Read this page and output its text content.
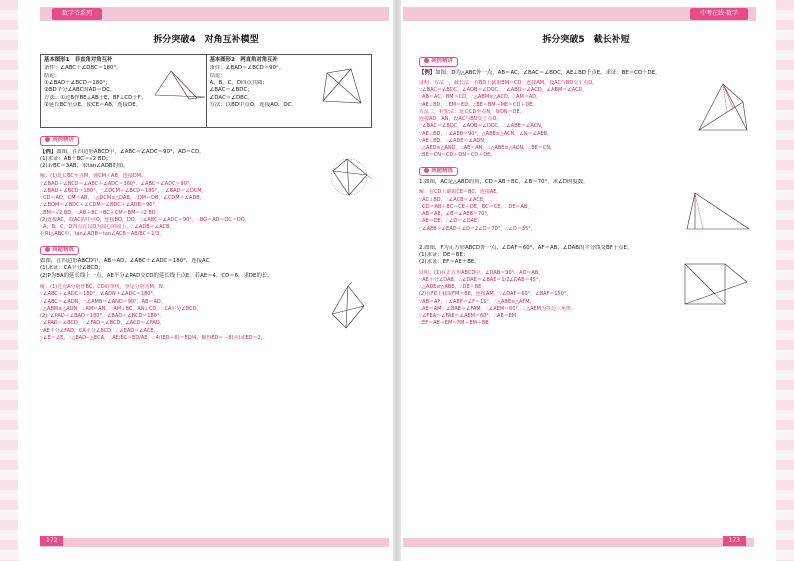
数学爷系列
拆分突破4　对角互补模型
基本图形1　非直角对角互补
条件：∠ABC＋∠DBC＝180°。
结论：
①∠BAD＋∠BCD＝180°；
②BD平分∠ABC时AD＝DC。
方法：①过B作BE⊥AB于E，BF⊥CD于F；
②延长BC至点E，使CE＝AB，连接DE。
基本图形2　两直角对角互补
条件：∠BAD＝∠BCD＝90°。
结论：
A，B，C，D四点共圆；
∠BAC＝∠BDC；
∠DAC＝∠DBC。
方法：以BD中点O，连接AO，OC。
典例精讲
【例】如图，在四边形ABCD中，∠ABC＝∠ADC＝90°，AD＝CD。
(1)求证：AB＋BC＝√2 BD；
(2)若BC＝3AB，求tan∠ADB的值。
解：(1)延长BC至点M，使CM＝AB，连接DM。
∵∠BAD＋∠BCD＝∠ABC＋∠ADC＝360°，∠ABC＝∠ADC＝90°，
∴∠BAD＋∠BCD＝180°，∵∠DCM＋∠BCD＝180°，∴∠BAD＝∠DCM，
∵CD＝AD，CM＝AB，∴△DCM≌△DAB，∴DM＝DB，∠CDM＝∠ADB，
∴∠BDM＝∠BDC＋∠CDM＝∠BDC＋∠ADB＝90°，
∴BM＝√2 BD，∴AB＋BC＝BC＋CM＝BM＝√2 BD。
(2)连接AC，取AC的中点O，连接BO，DO，∵∠ABC＝∠ADC＝90°，∴BO＝AO＝OC＝DO，
∴A，B，C，D四点在以O为圆心的圆上，∴∠ADB＝∠ACB，
在Rt△ABC中，tan∠ADB＝tan∠ACB＝AB/BC＝1/3。
典题精练
如图，在四边形ABCD中，AB＝AD，∠ABC＋∠ADC＝180°，连接AC。
(1)求证：CA平分∠BCD；
(2)P为BA的延长线上一点，AE平分∠PAD交CD的延长线于点E，若AE＝4，CD＝6，求DE的长。
解：(1)过点A分别作BC，CD的垂线，垂足分别为M，N。
∵∠ABC＋∠ADC＝180°，∠ADN＋∠ADC＝180°，
∴∠ABC＝∠ADN，∵∠AMB＝∠AND＝90°，AB＝AD，
∴△ABM≌△ADN，∴AM＝AN，∵AM⊥BC，AN⊥CD，∴CA平分∠BCD。
(2)∵∠PAD＋∠BAD＝180°，∠BAD＋∠BCD＝180°，
∴∠PAD＝∠BCD，∴∠FAD＝∠BCD，∠ACD＝∠FAD，
∵AE平分∠FAD，CA平分∠BCD，∴∠EAD＝∠ACE，
∵∠E＝∠E，∴△EAD∽△ECA，∴AE/EC＝ED/AE，∴4/(ED＋6)＝ED/4，解得ED＝－8(舍)或ED＝2。
172
中考在线·数学
拆分突破5　截长补短
典例精讲
【例】如图，D为△ABC外一点，AB＝AC，∠BAC＝∠BDC，AE⊥BD于点E，求证：BE＝CD＋DE。
证明：方法一，截长法：在BD上截取BM＝CD，连接AM，设AC与BD交于点O。
∵∠BAC＝∠BDC，∠AOB＝∠DOC，∴∠ABO＝∠ACD，∠ABM＝∠ACD，
∵AB＝AC，BM＝CD，∴△ABM≌△ACD，∴AM＝AD，
∵AE⊥BD，∴EM＝ED，∴BE＝BM＋ME＝CD＋DE。
方法二，补短法：延长CD至点N，使DN＝DE，
连接AD，AN，设AC与BD交于点O。
∵∠BAC＝∠BDC，∠AOB＝∠DOC，∴∠ABE＝∠ACN，
∵AE⊥BD，∴∠AEB＝90°，△ABE≌△ACN，∠N＝∠AEB，
∵AE⊥BD，∴∠ADE＝∠ADN，
∴△AED≌△AND，∴AE＝AN，∴△ABE≌△ACN，∴BE＝CN，
∴BE＝CN＝CD＋DN＝CD＋DE。
典题精练
1.如图，AC是△ABD的角，CD＝AB＋BC，∠B＝70°，求∠D的度数。
解：在CD上截取CE＝BC，连接AE。
∵AC⊥BD，∴∠ACB＝∠ACE，
∵CD＝AB＋BC＝CE＋DE，BC＝CE，∴DE＝AB，
∴AB＝AE，∠B＝∠AEB＝70°，
∴AE＝DE，∴∠D＝∠DAE，
∵∠AEB＝∠EAD＋∠D＝2∠D＝70°，∴∠D＝35°。
2.如图，F为正方形ABCD外一点，∠DAF＝60°，AF＝AB，∠DAB的平分线交BF于点E。
(1)求证：DE＝BE；
(2)求证：EF＝AE＋BE。
证明：(1)在正方形ABCD中，∠DAB＝90°，AD＝AB，
∵AE平分∠DAB，∴∠DAE＝∠BAE＝1/2∠DAB＝45°，
∴△ADE≌△ABE，∴DE＝BE。
(2)在FE上截取FM＝BE，连接AM，∵∠DAF＝60°，∠BAF＝150°，
∵AB＝AF，∴∠ABF＝∠F＝15°，∴△ABE≌△AFM，
∴AE＝AM，∠BAE＝∠FAM，∴∠AEM＝60°，∴△AEM为等边三角形，
∵∠FEA＝∠FAE＝∠AEM＝60°，∴AE＝EM，
∴EF＝AE＋EM＝FM＋EM＋BE。
173
